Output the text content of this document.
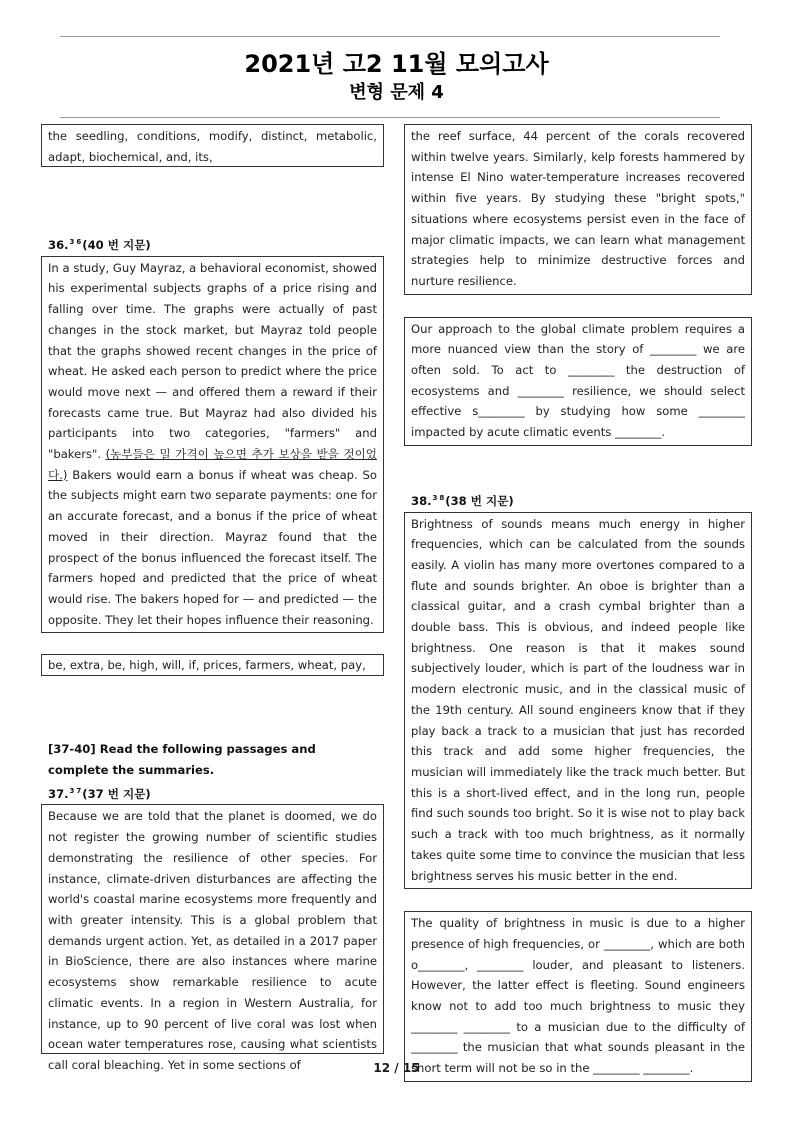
2021년 고2 11월 모의고사
변형 문제 4
the seedling, conditions, modify, distinct, metabolic, adapt, biochemical, and, its,
36.$^3$ $^6$(40 번 지문)
In a study, Guy Mayraz, a behavioral economist, showed his experimental subjects graphs of a price rising and falling over time. The graphs were actually of past changes in the stock market, but Mayraz told people that the graphs showed recent changes in the price of wheat. He asked each person to predict where the price would move next — and offered them a reward if their forecasts came true. But Mayraz had also divided his participants into two categories, "farmers" and "bakers". (농부들은 밀 가격이 높으면 추가 보상을 받을 것이었다.) Bakers would earn a bonus if wheat was cheap. So the subjects might earn two separate payments: one for an accurate forecast, and a bonus if the price of wheat moved in their direction. Mayraz found that the prospect of the bonus influenced the forecast itself. The farmers hoped and predicted that the price of wheat would rise. The bakers hoped for — and predicted — the opposite. They let their hopes influence their reasoning.
be, extra, be, high, will, if, prices, farmers, wheat, pay,
[37-40] Read the following passages and complete the summaries.
37.$^3$ $^7$(37 번 지문)
Because we are told that the planet is doomed, we do not register the growing number of scientific studies demonstrating the resilience of other species. For instance, climate-driven disturbances are affecting the world's coastal marine ecosystems more frequently and with greater intensity. This is a global problem that demands urgent action. Yet, as detailed in a 2017 paper in BioScience, there are also instances where marine ecosystems show remarkable resilience to acute climatic events. In a region in Western Australia, for instance, up to 90 percent of live coral was lost when ocean water temperatures rose, causing what scientists call coral bleaching. Yet in some sections of
the reef surface, 44 percent of the corals recovered within twelve years. Similarly, kelp forests hammered by intense El Nino water-temperature increases recovered within five years. By studying these "bright spots," situations where ecosystems persist even in the face of major climatic impacts, we can learn what management strategies help to minimize destructive forces and nurture resilience.
Our approach to the global climate problem requires a more nuanced view than the story of ________ we are often sold. To act to ________ the destruction of ecosystems and ________ resilience, we should select effective s________ by studying how some ________ impacted by acute climatic events ________.
38.$^3$ $^8$(38 번 지문)
Brightness of sounds means much energy in higher frequencies, which can be calculated from the sounds easily. A violin has many more overtones compared to a flute and sounds brighter. An oboe is brighter than a classical guitar, and a crash cymbal brighter than a double bass. This is obvious, and indeed people like brightness. One reason is that it makes sound subjectively louder, which is part of the loudness war in modern electronic music, and in the classical music of the 19th century. All sound engineers know that if they play back a track to a musician that just has recorded this track and add some higher frequencies, the musician will immediately like the track much better. But this is a short-lived effect, and in the long run, people find such sounds too bright. So it is wise not to play back such a track with too much brightness, as it normally takes quite some time to convince the musician that less brightness serves his music better in the end.
The quality of brightness in music is due to a higher presence of high frequencies, or ________, which are both o________, ________ louder, and pleasant to listeners. However, the latter effect is fleeting. Sound engineers know not to add too much brightness to music they ________ ________ to a musician due to the difficulty of ________ the musician that what sounds pleasant in the short term will not be so in the ________ ________.
12 / 15
